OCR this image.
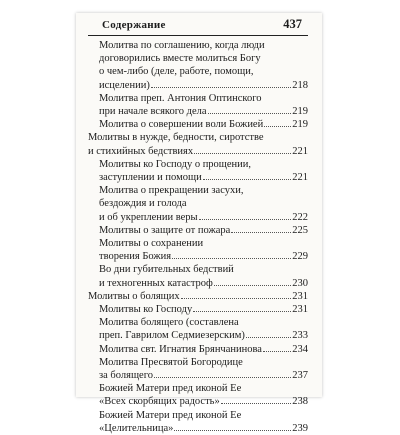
Содержание	437
Молитва по соглашению, когда люди
договорились вместе молиться Богу
о чем-либо (деле, работе, помощи,
исцелении)	218
Молитва преп. Антония Оптинского
при начале всякого дела	219
Молитва о совершении воли Божией	219
Молитвы в нужде, бедности, сиротстве
и стихийных бедствиях	221
Молитвы ко Господу о прощении,
заступлении и помощи	221
Молитва о прекращении засухи,
бездождия и голода
и об укреплении веры	222
Молитвы о защите от пожара	225
Молитвы о сохранении
творения Божия	229
Во дни губительных бедствий
и техногенных катастроф	230
Молитвы о болящих	231
Молитвы ко Господу	231
Молитва болящего (составлена
преп. Гаврилом Седмиезерским)	233
Молитва свт. Игнатия Брянчанинова	234
Молитва Пресвятой Богородице
за болящего	237
Божией Матери пред иконой Ее
«Всех скорбящих радость»	238
Божией Матери пред иконой Ее
«Целительница»	239
